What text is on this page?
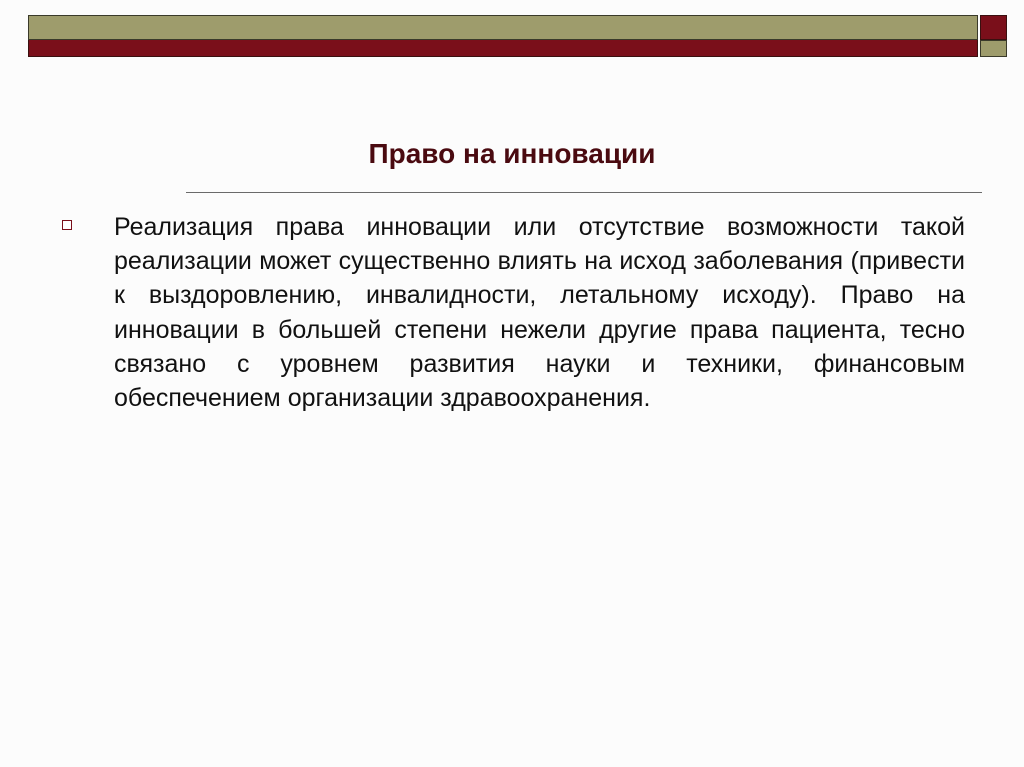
Право на инновации

Реализация права инновации или отсутствие возможности такой реализации может существенно влиять на исход заболевания (привести к выздоровлению, инвалидности, летальному исходу). Право на инновации в большей степени нежели другие права пациента, тесно связано с уровнем развития науки и техники, финансовым обеспечением организации здравоохранения.
